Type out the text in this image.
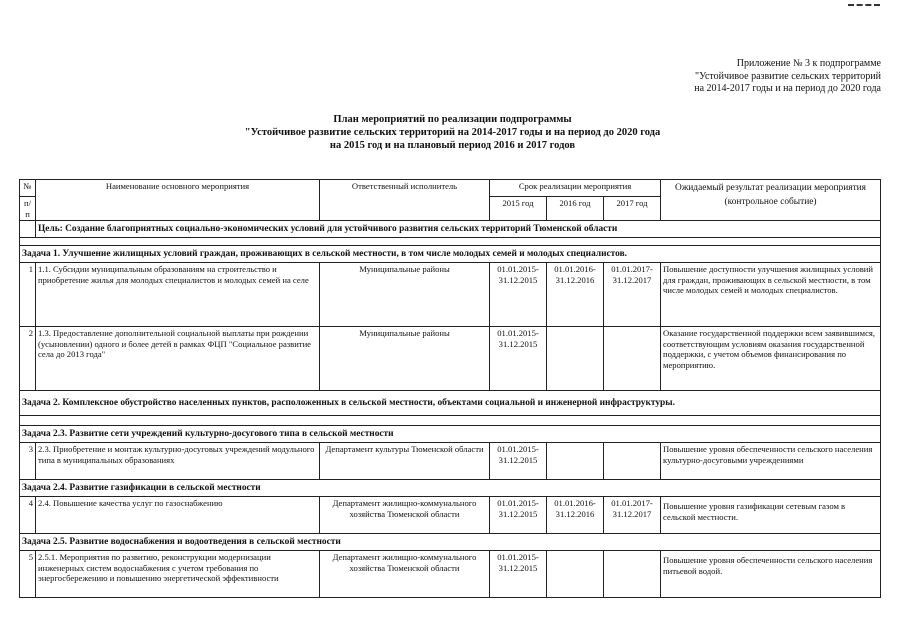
Приложение № 3 к подпрограмме
"Устойчивое развитие сельских территорий
на 2014-2017 годы и на период до 2020 года
План мероприятий по реализации подпрограммы
"Устойчивое развитие сельских территорий на 2014-2017 годы и на период до 2020 года
на 2015 год и на плановый период 2016 и 2017 годов
№	Наименование основного мероприятия	Ответственный исполнитель	Срок реализации мероприятия			Ожидаемый результат реализации мероприятия (контрольное событие)
п/п			2015 год	2016 год	2017 год	
	Цель: Создание благоприятных социально-экономических условий для устойчивого развития сельских территорий Тюменской области					

Задача 1. Улучшение жилищных условий граждан, проживающих в сельской местности, в том числе молодых семей и молодых специалистов.						
1	1.1. Субсидии муниципальным образованиям на строительство и приобретение жилья для молодых специалистов и молодых семей на селе	Муниципальные районы	01.01.2015-31.12.2015	01.01.2016-31.12.2016	01.01.2017-31.12.2017	Повышение доступности улучшения жилищных условий для граждан, проживающих в сельской местности, в том числе молодых семей и молодых специалистов.
2	1.3. Предоставление дополнительной социальной выплаты при рождении (усыновлении) одного и более детей в рамках ФЦП "Социальное развитие села до 2013 года"	Муниципальные районы	01.01.2015-31.12.2015			Оказание государственной поддержки всем заявившимся, соответствующим условиям оказания государственной поддержки, с учетом объемов финансирования по мероприятию.
Задача 2. Комплексное обустройство населенных пунктов, расположенных в сельской местности, объектами социальной и инженерной инфраструктуры.						

Задача 2.3. Развитие сети учреждений культурно-досугового типа в сельской местности						
3	2.3. Приобретение и монтаж культурно-досуговых учреждений модульного типа в муниципальных образованиях	Департамент культуры Тюменской области	01.01.2015-31.12.2015			Повышение уровня обеспеченности сельского населения культурно-досуговыми учреждениями
Задача 2.4. Развитие газификации в сельской местности						
4	2.4. Повышение качества услуг по газоснабжению	Департамент жилищно-коммунального хозяйства Тюменской области	01.01.2015-31.12.2015	01.01.2016-31.12.2016	01.01.2017-31.12.2017	Повышение уровня газификации сетевым газом в сельской местности.
Задача 2.5. Развитие водоснабжения и водоотведения в сельской местности						
5	2.5.1. Мероприятия по развитию, реконструкции модернизации инженерных систем водоснабжения с учетом требования по энергосбережению и повышению энергетической эффективности	Департамент жилищно-коммунального хозяйства Тюменской области	01.01.2015-31.12.2015			Повышение уровня обеспеченности сельского населения питьевой водой.
